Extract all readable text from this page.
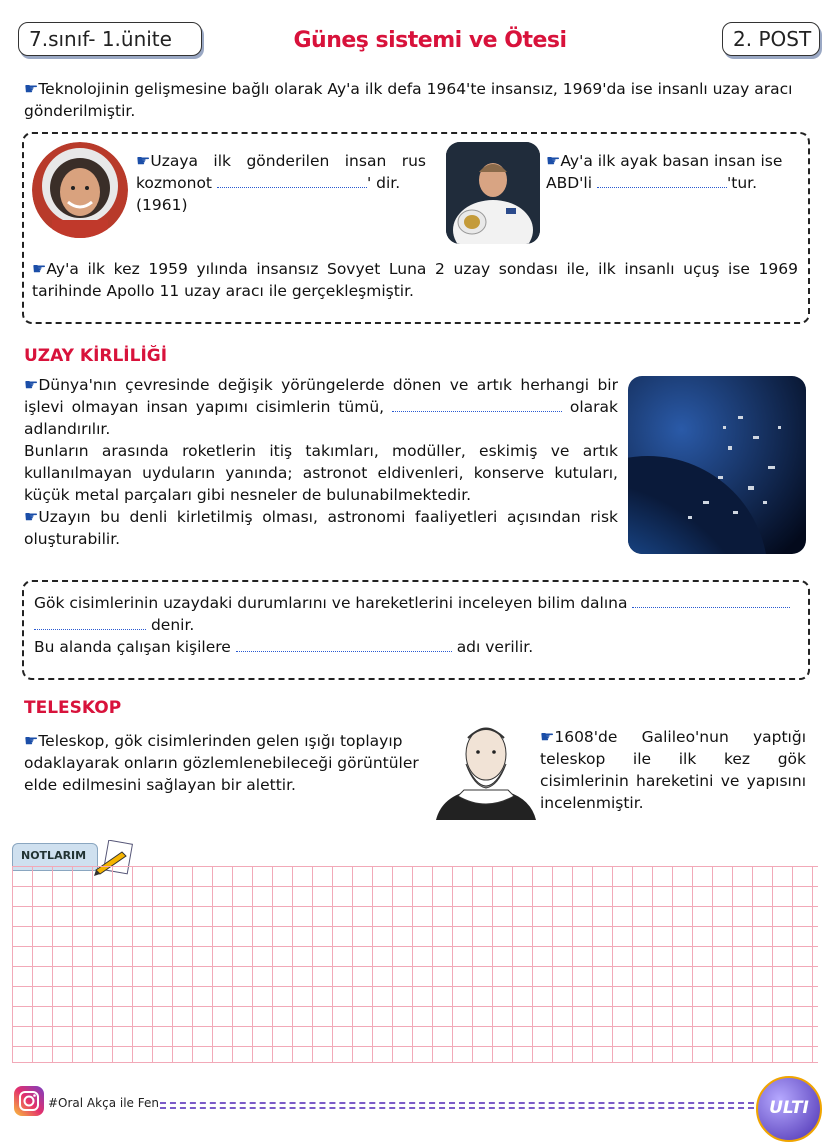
7.sınıf- 1.ünite	Güneş sistemi ve Ötesi	2. POST
☛Teknolojinin gelişmesine bağlı olarak Ay'a ilk defa 1964'te insansız, 1969'da ise insanlı uzay aracı gönderilmiştir.
☛Uzaya ilk gönderilen insan rus kozmonot	' dir.
(1961)
☛Ay'a ilk ayak basan insan ise ABD'li	'tur.
☛Ay'a ilk kez 1959 yılında insansız Sovyet Luna 2 uzay sondası ile, ilk insanlı uçuş ise 1969 tarihinde Apollo 11 uzay aracı ile gerçekleşmiştir.
UZAY KİRLİLİĞİ
☛Dünya'nın çevresinde değişik yörüngelerde dönen ve artık herhangi bir işlevi olmayan insan yapımı cisimlerin tümü,	olarak adlandırılır.
Bunların arasında roketlerin itiş takımları, modüller, eskimiş ve artık kullanılmayan uyduların yanında; astronot eldivenleri, konserve kutuları, küçük metal parçaları gibi nesneler de bulunabilmektedir.
☛Uzayın bu denli kirletilmiş olması, astronomi faaliyetleri açısından risk oluşturabilir.
Gök cisimlerinin uzaydaki durumlarını ve hareketlerini inceleyen bilim dalına
denir.
Bu alanda çalışan kişilere	adı verilir.
TELESKOP
☛Teleskop, gök cisimlerinden gelen ışığı toplayıp odaklayarak onların gözlemlenebileceği görüntüler elde edilmesini sağlayan bir alettir.
☛1608'de Galileo'nun yaptığı teleskop ile ilk kez gök cisimlerinin hareketini ve yapısını incelenmiştir.
NOTLARIM
#Oral Akça ile Fen	ULTI
